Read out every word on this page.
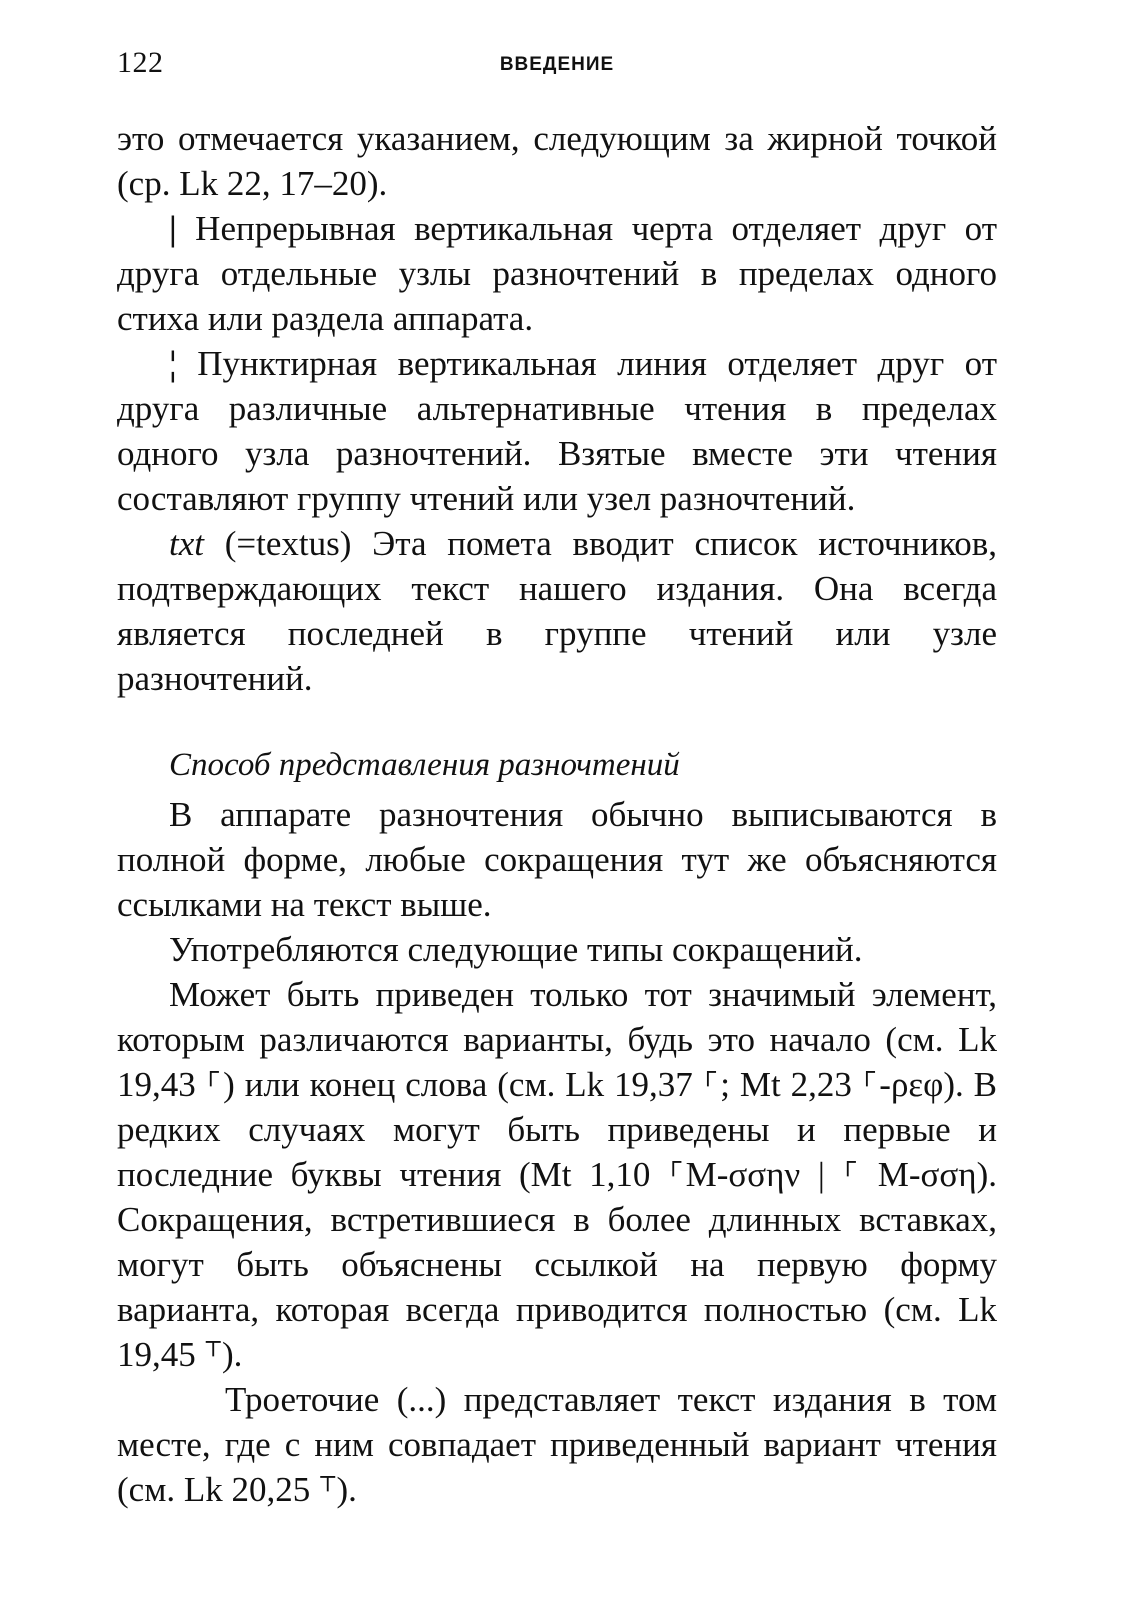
122	ВВЕДЕНИЕ

это отмечается указанием, следующим за жирной точкой (ср. Lk 22, 17–20).

| Непрерывная вертикальная черта отделяет друг от друга отдельные узлы разночтений в пределах одного стиха или раздела аппарата.

¦ Пунктирная вертикальная линия отделяет друг от друга различные альтернативные чтения в пределах одного узла разночтений. Взятые вместе эти чтения составляют группу чтений или узел разночтений.

txt (=textus) Эта помета вводит список источников, подтверждающих текст нашего издания. Она всегда является последней в группе чтений или узле разночтений.

Способ представления разночтений

В аппарате разночтения обычно выписываются в полной форме, любые сокращения тут же объясняются ссылками на текст выше.

Употребляются следующие типы сокращений.

Может быть приведен только тот значимый элемент, которым различаются варианты, будь это начало (см. Lk 19,43 ⸀) или конец слова (см. Lk 19,37 ⸀; Mt 2,23 ⸀-ρεφ). В редких случаях могут быть приведены и первые и последние буквы чтения (Mt 1,10 ⸀Μ-σσην | ⸀ Μ-σση). Сокращения, встретившиеся в более длинных вставках, могут быть объяснены ссылкой на первую форму варианта, которая всегда приводится полностью (см. Lk 19,45 ⸆).

Троеточие (...) представляет текст издания в том месте, где с ним совпадает приведенный вариант чтения (см. Lk 20,25 ⸆).
